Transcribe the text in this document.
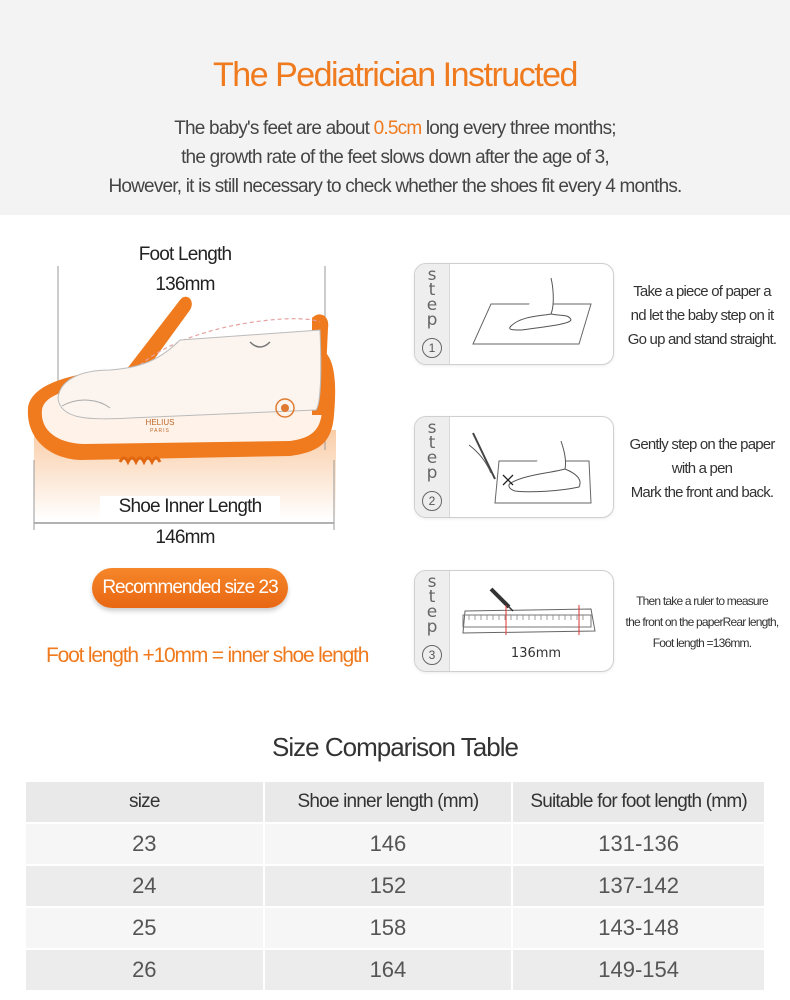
The Pediatrician Instructed
The baby's feet are about 0.5cm long every three months;
the growth rate of the feet slows down after the age of 3,
However, it is still necessary to check whether the shoes fit every 4 months.
HELIUS
PARIS
Foot Length
136mm
Shoe Inner Length
146mm
Recommended size 23
Foot length +10mm = inner shoe length
s
t
e
p
1
Take a piece of paper a
nd let the baby step on it
Go up and stand straight.
s
t
e
p
2
Gently step on the paper
with a pen
Mark the front and back.
s
t
e
p
3	136mm
Then take a ruler to measure
the front on the paperRear length,
Foot length =136mm.
Size Comparison Table
size	Shoe inner length (mm)	Suitable for foot length (mm)
23	146	131-136
24	152	137-142
25	158	143-148
26	164	149-154
